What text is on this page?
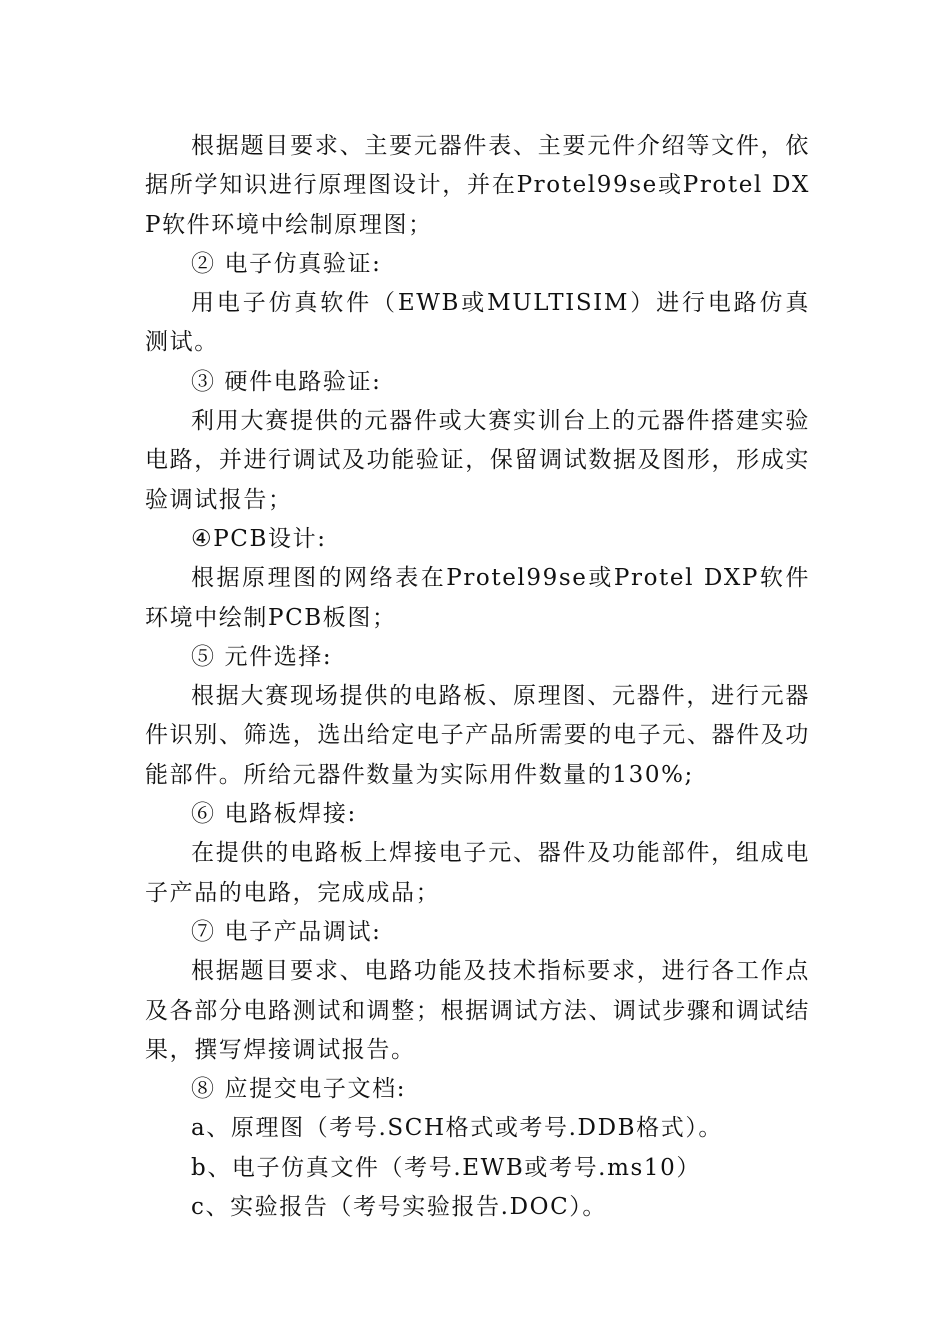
根据题目要求、主要元器件表、主要元件介绍等文件，依据所学知识进行原理图设计，并在Protel99se或Protel DXP软件环境中绘制原理图；

② 电子仿真验证:

用电子仿真软件（EWB或MULTISIM）进行电路仿真测试。

③ 硬件电路验证:

利用大赛提供的元器件或大赛实训台上的元器件搭建实验电路，并进行调试及功能验证，保留调试数据及图形，形成实验调试报告；

④PCB设计:

根据原理图的网络表在Protel99se或Protel DXP软件环境中绘制PCB板图；

⑤ 元件选择:

根据大赛现场提供的电路板、原理图、元器件，进行元器件识别、筛选，选出给定电子产品所需要的电子元、器件及功能部件。所给元器件数量为实际用件数量的130%;

⑥ 电路板焊接:

在提供的电路板上焊接电子元、器件及功能部件，组成电子产品的电路，完成成品；

⑦ 电子产品调试:

根据题目要求、电路功能及技术指标要求，进行各工作点及各部分电路测试和调整；根据调试方法、调试步骤和调试结果，撰写焊接调试报告。

⑧ 应提交电子文档:

a、原理图（考号.SCH格式或考号.DDB格式）。

b、电子仿真文件（考号.EWB或考号.ms10）

c、实验报告（考号实验报告.DOC）。
